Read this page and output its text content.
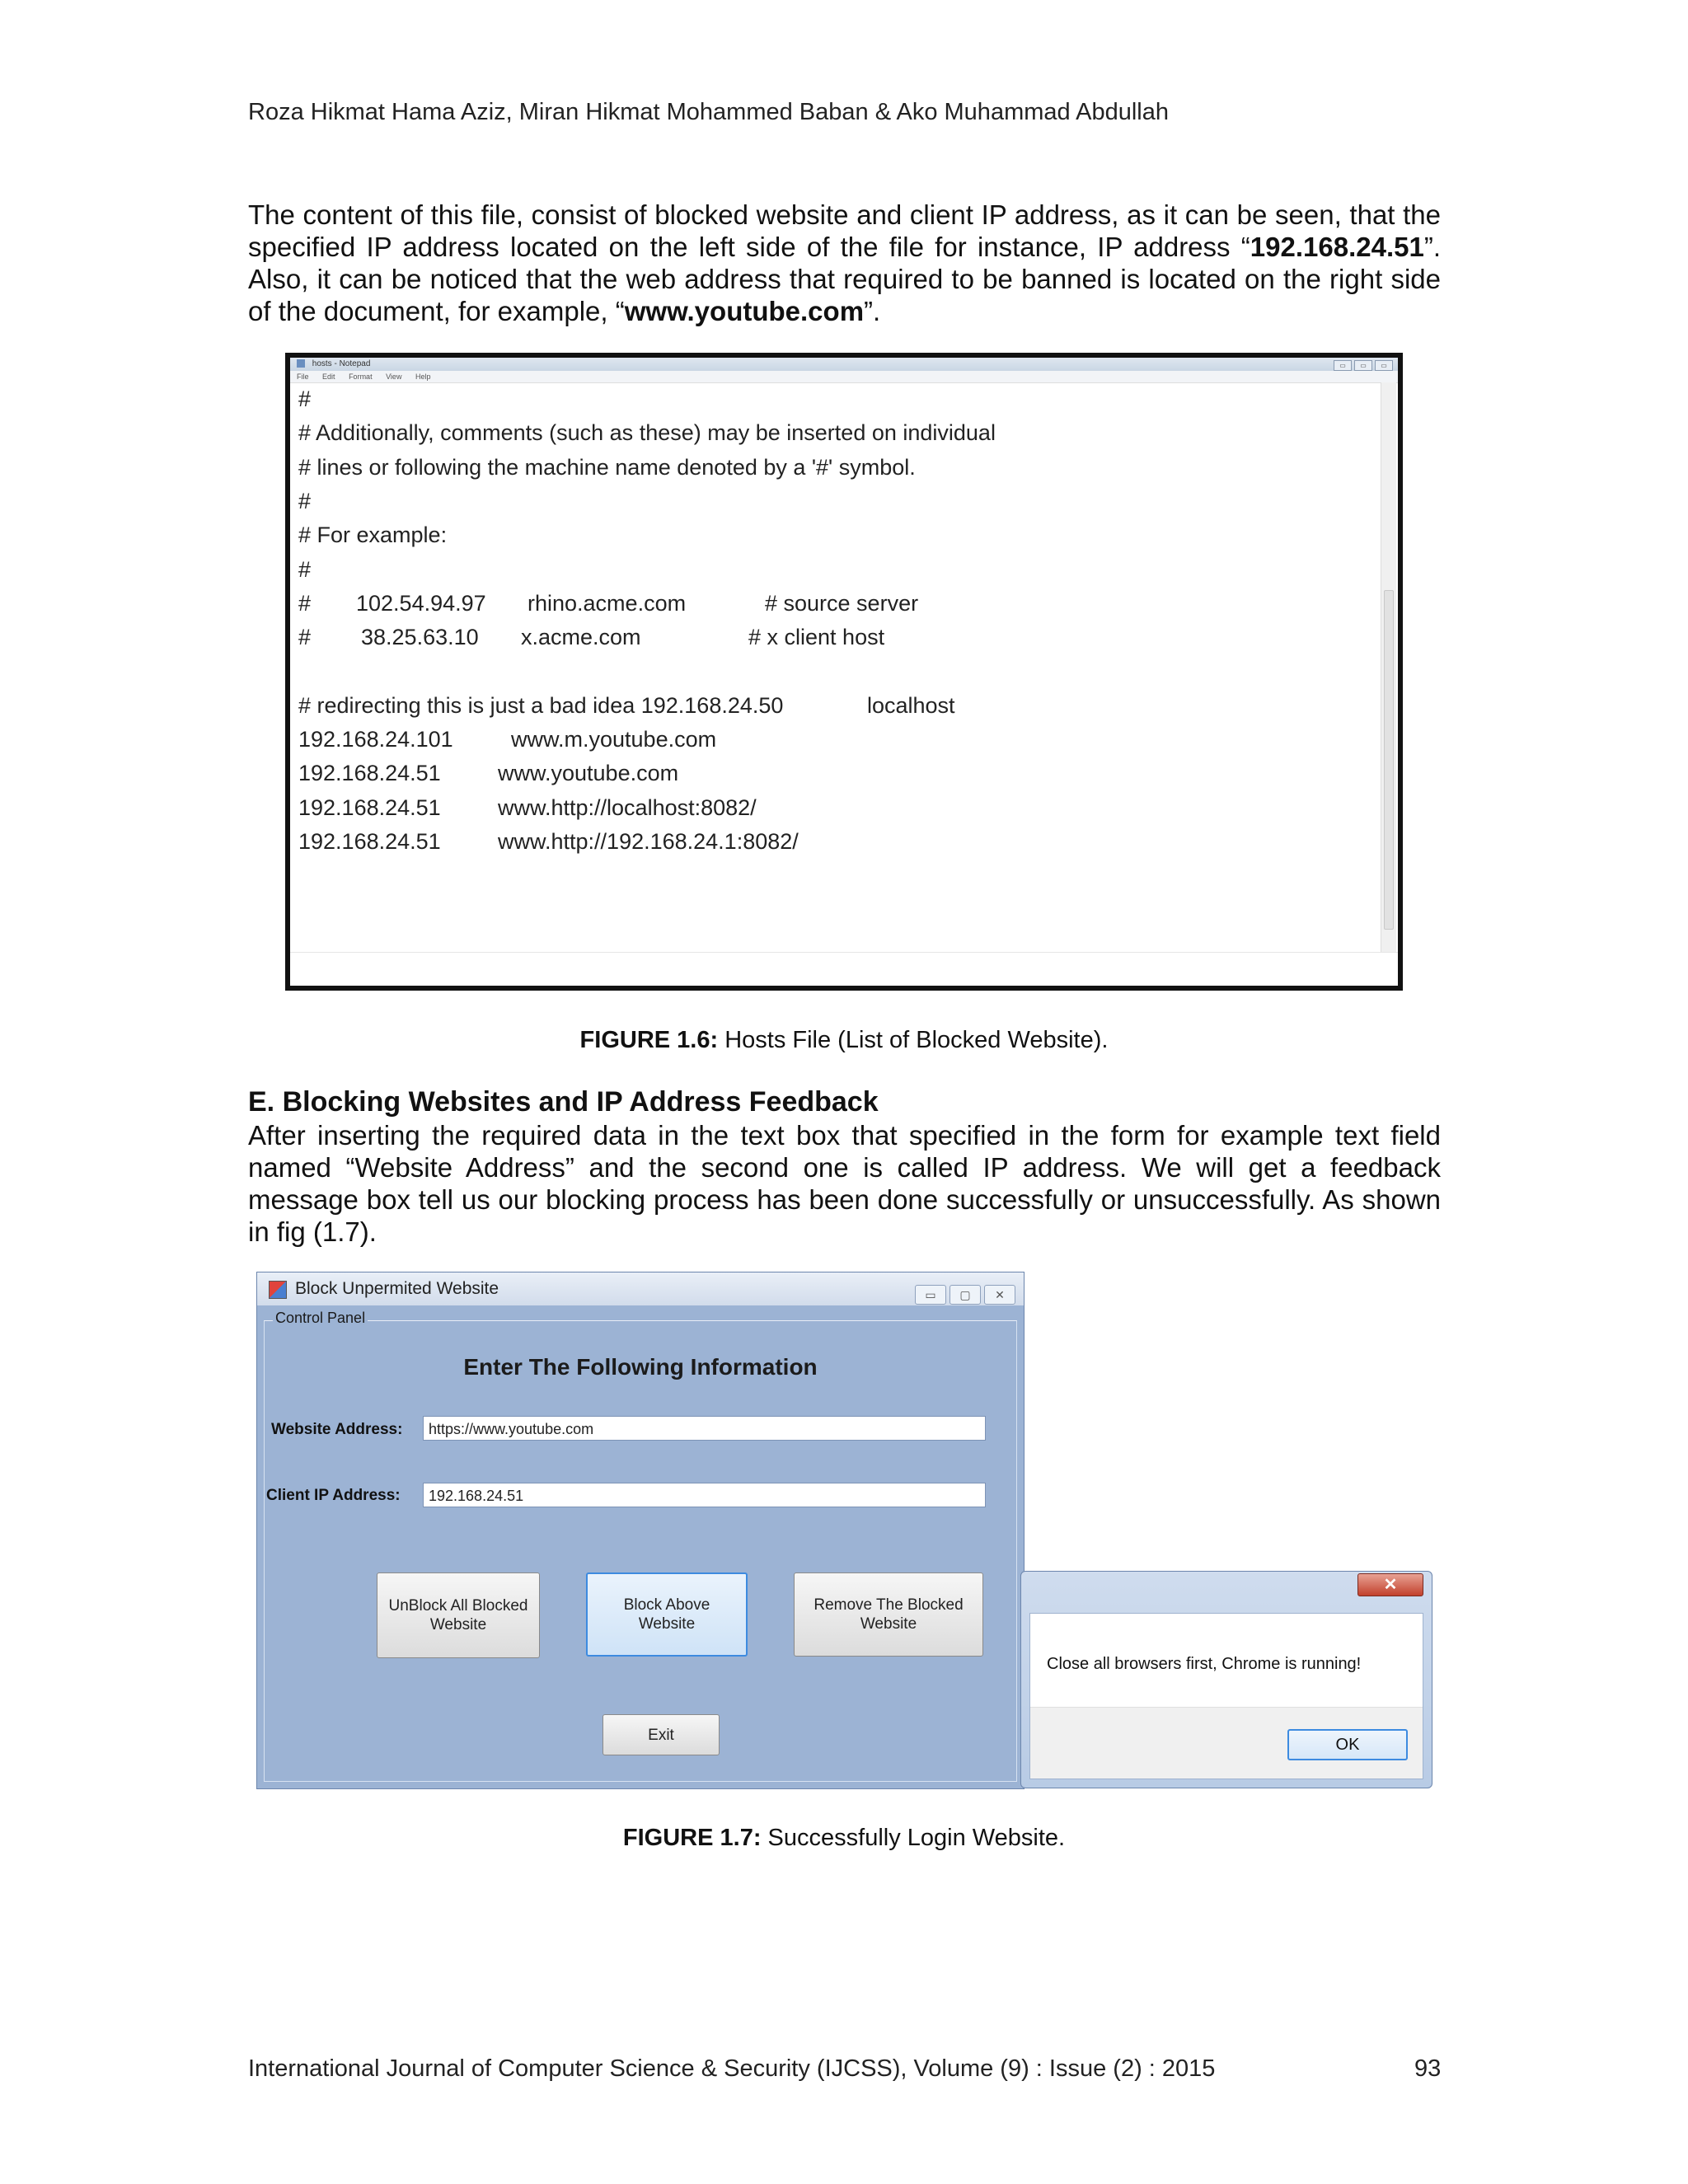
Roza Hikmat Hama Aziz, Miran Hikmat Mohammed Baban & Ako Muhammad Abdullah
The content of this file, consist of blocked website and client IP address, as it can be seen, that the specified IP address located on the left side of the file for instance, IP address “192.168.24.51”. Also, it can be noticed that the web address that required to be banned is located on the right side of the document, for example, “www.youtube.com”.
hosts - Notepad	▭ ▭ ▭
File Edit Format View Help
#
# Additionally, comments (such as these) may be inserted on individual
# lines or following the machine name denoted by a '#' symbol.
#
# For example:
#
# 102.54.94.97 rhino.acme.com	# source server
# 38.25.63.10 x.acme.com	# x client host
# redirecting this is just a bad idea 192.168.24.50	localhost
192.168.24.101	www.m.youtube.com
192.168.24.51	www.youtube.com
192.168.24.51	www.http://localhost:8082/
192.168.24.51	www.http://192.168.24.1:8082/
FIGURE 1.6: Hosts File (List of Blocked Website).
E. Blocking Websites and IP Address Feedback
After inserting the required data in the text box that specified in the form for example text field named “Website Address” and the second one is called IP address. We will get a feedback message box tell us our blocking process has been done successfully or unsuccessfully. As shown in fig (1.7).
Block Unpermited Website	▭ ▢ ✕
Control Panel
Enter The Following Information
Website Address:	https://www.youtube.com
Client IP Address:	192.168.24.51
UnBlock All Blocked
Website
Block Above
Website
Remove The Blocked
Website
Exit
✕
Close all browsers first, Chrome is running!
OK
FIGURE 1.7: Successfully Login Website.
International Journal of Computer Science & Security (IJCSS), Volume (9) : Issue (2) : 2015	93
